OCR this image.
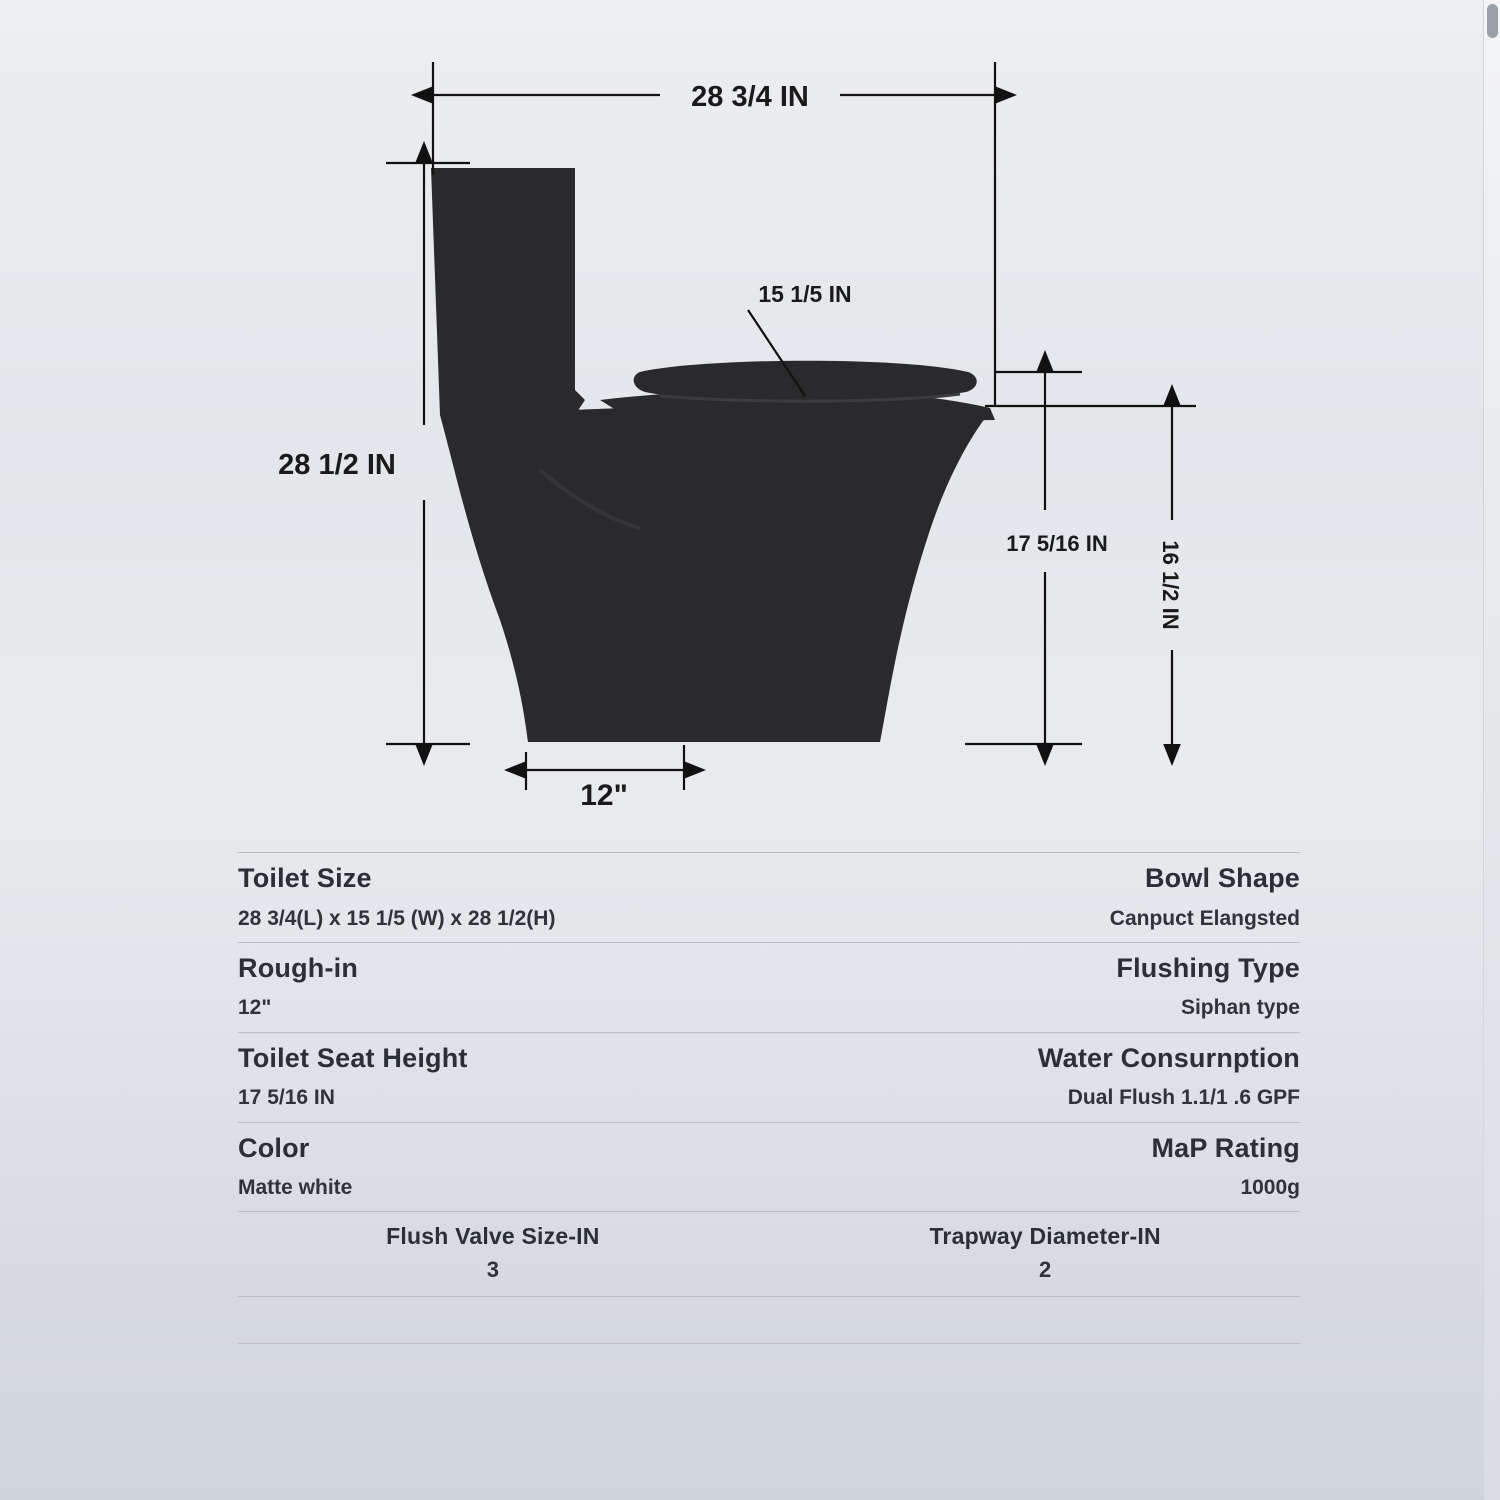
28 3/4 IN
28 1/2 IN
15 1/5 IN
17 5/16 IN 16 1/2 IN
12"
Toilet Size
28 3/4(L) x 15 1/5 (W) x 28 1/2(H)
Bowl Shape
Canpuct Elangsted
Rough-in
12"
Flushing Type
Siphan type
Toilet Seat Height
17 5/16 IN
Water Consurnption
Dual Flush 1.1/1 .6 GPF
Color
Matte white
MaP Rating
1000g
Flush Valve Size-IN
3
Trapway Diameter-IN
2
